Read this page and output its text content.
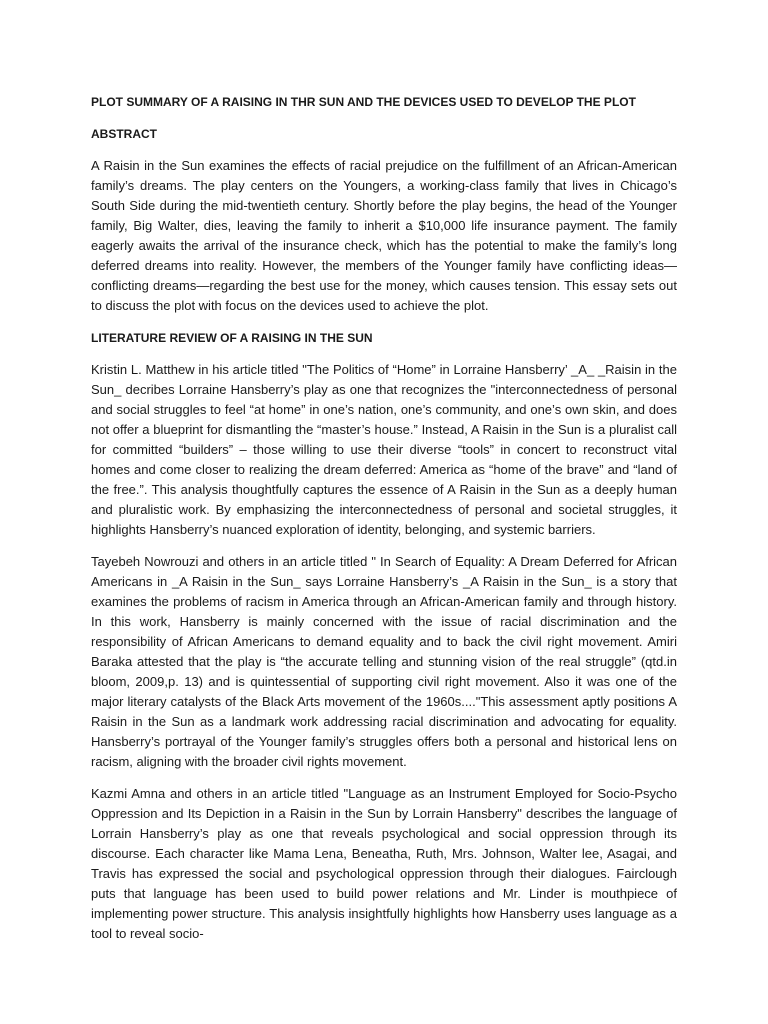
PLOT SUMMARY OF A RAISING IN THR SUN AND THE DEVICES USED TO DEVELOP THE PLOT
ABSTRACT

A Raisin in the Sun examines the effects of racial prejudice on the fulfillment of an African-American family’s dreams. The play centers on the Youngers, a working-class family that lives in Chicago’s South Side during the mid-twentieth century. Shortly before the play begins, the head of the Younger family, Big Walter, dies, leaving the family to inherit a $10,000 life insurance payment. The family eagerly awaits the arrival of the insurance check, which has the potential to make the family’s long deferred dreams into reality. However, the members of the Younger family have conflicting ideas—conflicting dreams—regarding the best use for the money, which causes tension. This essay sets out to discuss the plot with focus on the devices used to achieve the plot.

LITERATURE REVIEW OF A RAISING IN THE SUN

Kristin L. Matthew in his article titled "The Politics of “Home” in Lorraine Hansberry’ _A_ _Raisin in the Sun_ decribes Lorraine Hansberry’s play as one that recognizes the "interconnectedness of personal and social struggles to feel “at home” in one’s nation, one’s community, and one’s own skin, and does not offer a blueprint for dismantling the “master’s house.” Instead, A Raisin in the Sun is a pluralist call for committed “builders” – those willing to use their diverse “tools” in concert to reconstruct vital homes and come closer to realizing the dream deferred: America as “home of the brave” and “land of the free.”. This analysis thoughtfully captures the essence of A Raisin in the Sun as a deeply human and pluralistic work. By emphasizing the interconnectedness of personal and societal struggles, it highlights Hansberry’s nuanced exploration of identity, belonging, and systemic barriers.

Tayebeh Nowrouzi and others in an article titled " In Search of Equality: A Dream Deferred for African Americans in _A Raisin in the Sun_ says Lorraine Hansberry’s _A Raisin in the Sun_ is a story that examines the problems of racism in America through an African-American family and through history. In this work, Hansberry is mainly concerned with the issue of racial discrimination and the responsibility of African Americans to demand equality and to back the civil right movement. Amiri Baraka attested that the play is “the accurate telling and stunning vision of the real struggle” (qtd.in bloom, 2009,p. 13) and is quintessential of supporting civil right movement. Also it was one of the major literary catalysts of the Black Arts movement of the 1960s...."This assessment aptly positions A Raisin in the Sun as a landmark work addressing racial discrimination and advocating for equality. Hansberry’s portrayal of the Younger family’s struggles offers both a personal and historical lens on racism, aligning with the broader civil rights movement.

Kazmi Amna and others in an article titled "Language as an Instrument Employed for Socio-Psycho Oppression and Its Depiction in a Raisin in the Sun by Lorrain Hansberry" describes the language of Lorrain Hansberry’s play as one that reveals psychological and social oppression through its discourse. Each character like Mama Lena, Beneatha, Ruth, Mrs. Johnson, Walter lee, Asagai, and Travis has expressed the social and psychological oppression through their dialogues. Fairclough puts that language has been used to build power relations and Mr. Linder is mouthpiece of implementing power structure. This analysis insightfully highlights how Hansberry uses language as a tool to reveal socio-
